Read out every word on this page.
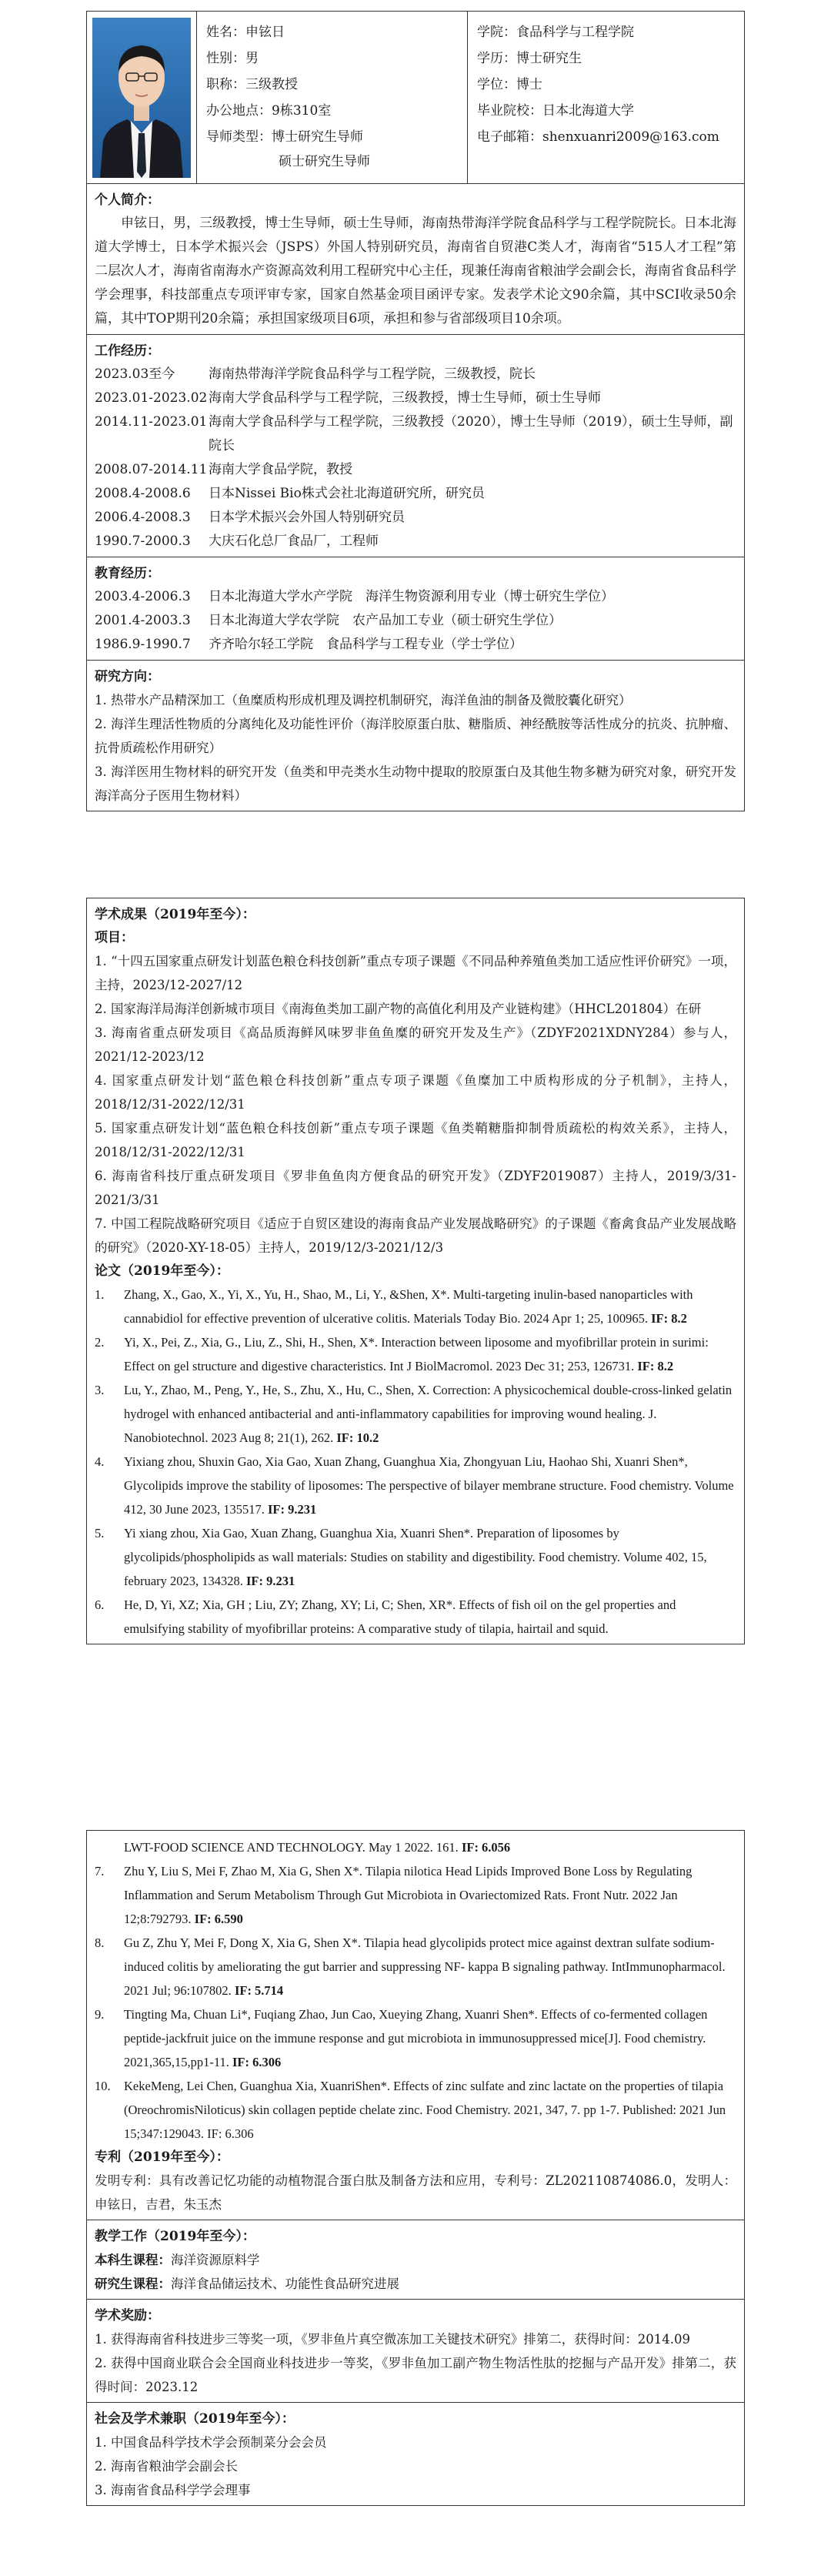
姓名：申铉日
性别：男
职称：三级教授
办公地点：9栋310室
导师类型：博士研究生导师
硕士研究生导师
学院：食品科学与工程学院
学历：博士研究生
学位：博士
毕业院校：日本北海道大学
电子邮箱：shenxuanri2009@163.com
个人简介：
申铉日，男，三级教授，博士生导师，硕士生导师，海南热带海洋学院食品科学与工程学院院长。日本北海道大学博士，日本学术振兴会（JSPS）外国人特别研究员，海南省自贸港C类人才，海南省“515人才工程”第二层次人才，海南省南海水产资源高效利用工程研究中心主任，现兼任海南省粮油学会副会长，海南省食品科学学会理事，科技部重点专项评审专家，国家自然基金项目函评专家。发表学术论文90余篇，其中SCI收录50余篇，其中TOP期刊20余篇；承担国家级项目6项，承担和参与省部级项目10余项。
工作经历：
2023.03至今	海南热带海洋学院食品科学与工程学院，三级教授，院长
2023.01-2023.02 海南大学食品科学与工程学院，三级教授，博士生导师，硕士生导师
2014.11-2023.01 海南大学食品科学与工程学院，三级教授（2020），博士生导师（2019），硕士生导师，副院长
2008.07-2014.11 海南大学食品学院，教授
2008.4-2008.6	日本Nissei Bio株式会社北海道研究所，研究员
2006.4-2008.3	日本学术振兴会外国人特别研究员
1990.7-2000.3	大庆石化总厂食品厂，工程师
教育经历：
2003.4-2006.3	日本北海道大学水产学院　海洋生物资源利用专业（博士研究生学位）
2001.4-2003.3	日本北海道大学农学院　农产品加工专业（硕士研究生学位）
1986.9-1990.7	齐齐哈尔轻工学院　食品科学与工程专业（学士学位）
研究方向：
1. 热带水产品精深加工（鱼糜质构形成机理及调控机制研究，海洋鱼油的制备及微胶囊化研究）
2. 海洋生理活性物质的分离纯化及功能性评价（海洋胶原蛋白肽、糖脂质、神经酰胺等活性成分的抗炎、抗肿瘤、抗骨质疏松作用研究）
3. 海洋医用生物材料的研究开发（鱼类和甲壳类水生动物中提取的胶原蛋白及其他生物多糖为研究对象，研究开发海洋高分子医用生物材料）
学术成果（2019年至今）：
项目：
1. “十四五国家重点研发计划蓝色粮仓科技创新”重点专项子课题《不同品种养殖鱼类加工适应性评价研究》一项，主持，2023/12-2027/12
2. 国家海洋局海洋创新城市项目《南海鱼类加工副产物的高值化利用及产业链构建》（HHCL201804）在研
3. 海南省重点研发项目《高品质海鲜风味罗非鱼鱼糜的研究开发及生产》（ZDYF2021XDNY284）参与人，2021/12-2023/12
4. 国家重点研发计划“蓝色粮仓科技创新”重点专项子课题《鱼糜加工中质构形成的分子机制》，主持人，2018/12/31-2022/12/31
5. 国家重点研发计划“蓝色粮仓科技创新”重点专项子课题《鱼类鞘糖脂抑制骨质疏松的构效关系》，主持人，2018/12/31-2022/12/31
6. 海南省科技厅重点研发项目《罗非鱼鱼肉方便食品的研究开发》（ZDYF2019087）主持人，2019/3/31-2021/3/31
7. 中国工程院战略研究项目《适应于自贸区建设的海南食品产业发展战略研究》的子课题《畜禽食品产业发展战略的研究》（2020-XY-18-05）主持人，2019/12/3-2021/12/3
论文（2019年至今）：
1.	Zhang, X., Gao, X., Yi, X., Yu, H., Shao, M., Li, Y., &Shen, X*. Multi-targeting inulin-based nanoparticles with cannabidiol for effective prevention of ulcerative colitis. Materials Today Bio. 2024 Apr 1; 25, 100965. IF: 8.2
2.	Yi, X., Pei, Z., Xia, G., Liu, Z., Shi, H., Shen, X*. Interaction between liposome and myofibrillar protein in surimi: Effect on gel structure and digestive characteristics. Int J BiolMacromol. 2023 Dec 31; 253, 126731. IF: 8.2
3.	Lu, Y., Zhao, M., Peng, Y., He, S., Zhu, X., Hu, C., Shen, X. Correction: A physicochemical double-cross-linked gelatin hydrogel with enhanced antibacterial and anti-inflammatory capabilities for improving wound healing. J. Nanobiotechnol. 2023 Aug 8; 21(1), 262. IF: 10.2
4.	Yixiang zhou, Shuxin Gao, Xia Gao, Xuan Zhang, Guanghua Xia, Zhongyuan Liu, Haohao Shi, Xuanri Shen*, Glycolipids improve the stability of liposomes: The perspective of bilayer membrane structure. Food chemistry. Volume 412, 30 June 2023, 135517. IF: 9.231
5.	Yi xiang zhou, Xia Gao, Xuan Zhang, Guanghua Xia, Xuanri Shen*. Preparation of liposomes by glycolipids/phospholipids as wall materials: Studies on stability and digestibility. Food chemistry. Volume 402, 15, february 2023, 134328. IF: 9.231
6.	He, D, Yi, XZ; Xia, GH ; Liu, ZY; Zhang, XY; Li, C; Shen, XR*. Effects of fish oil on the gel properties and emulsifying stability of myofibrillar proteins: A comparative study of tilapia, hairtail and squid.
LWT-FOOD SCIENCE AND TECHNOLOGY. May 1 2022. 161. IF: 6.056
7.	Zhu Y, Liu S, Mei F, Zhao M, Xia G, Shen X*. Tilapia nilotica Head Lipids Improved Bone Loss by Regulating Inflammation and Serum Metabolism Through Gut Microbiota in Ovariectomized Rats. Front Nutr. 2022 Jan 12;8:792793. IF: 6.590
8.	Gu Z, Zhu Y, Mei F, Dong X, Xia G, Shen X*. Tilapia head glycolipids protect mice against dextran sulfate sodium-induced colitis by ameliorating the gut barrier and suppressing NF- kappa B signaling pathway. IntImmunopharmacol. 2021 Jul; 96:107802. IF: 5.714
9.	Tingting Ma, Chuan Li*, Fuqiang Zhao, Jun Cao, Xueying Zhang, Xuanri Shen*. Effects of co-fermented collagen peptide-jackfruit juice on the immune response and gut microbiota in immunosuppressed mice[J]. Food chemistry. 2021,365,15,pp1-11. IF: 6.306
10.	KekeMeng, Lei Chen, Guanghua Xia, XuanriShen*. Effects of zinc sulfate and zinc lactate on the properties of tilapia (OreochromisNiloticus) skin collagen peptide chelate zinc. Food Chemistry. 2021, 347, 7. pp 1-7. Published: 2021 Jun 15;347:129043. IF: 6.306
专利（2019年至今）：
发明专利：具有改善记忆功能的动植物混合蛋白肽及制备方法和应用，专利号：ZL202110874086.0，发明人：申铉日，吉君，朱玉杰
教学工作（2019年至今）：
本科生课程：海洋资源原料学
研究生课程：海洋食品储运技术、功能性食品研究进展
学术奖励：
1. 获得海南省科技进步三等奖一项，《罗非鱼片真空微冻加工关键技术研究》排第二，获得时间：2014.09
2. 获得中国商业联合会全国商业科技进步一等奖，《罗非鱼加工副产物生物活性肽的挖掘与产品开发》排第二，获得时间：2023.12
社会及学术兼职（2019年至今）：
1. 中国食品科学技术学会预制菜分会会员
2. 海南省粮油学会副会长
3. 海南省食品科学学会理事
